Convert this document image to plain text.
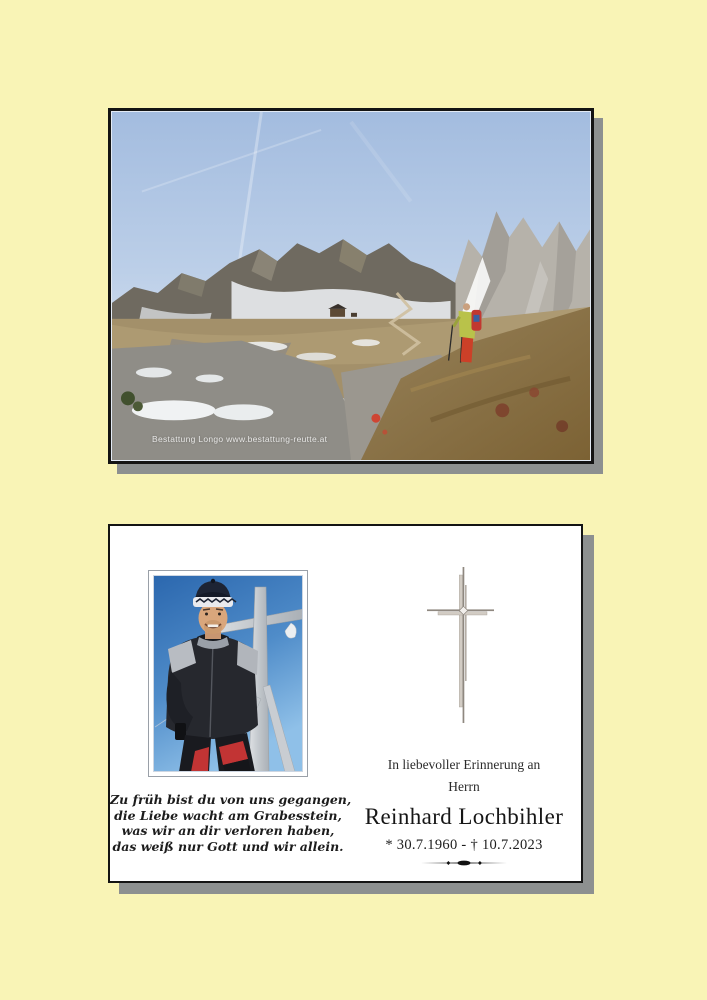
Bestattung Longo www.bestattung-reutte.at
Zu früh bist du von uns gegangen,
die Liebe wacht am Grabesstein,
was wir an dir verloren haben,
das weiß nur Gott und wir allein.

In liebevoller Erinnerung an

Herrn

Reinhard Lochbihler

* 30.7.1960 - † 10.7.2023
